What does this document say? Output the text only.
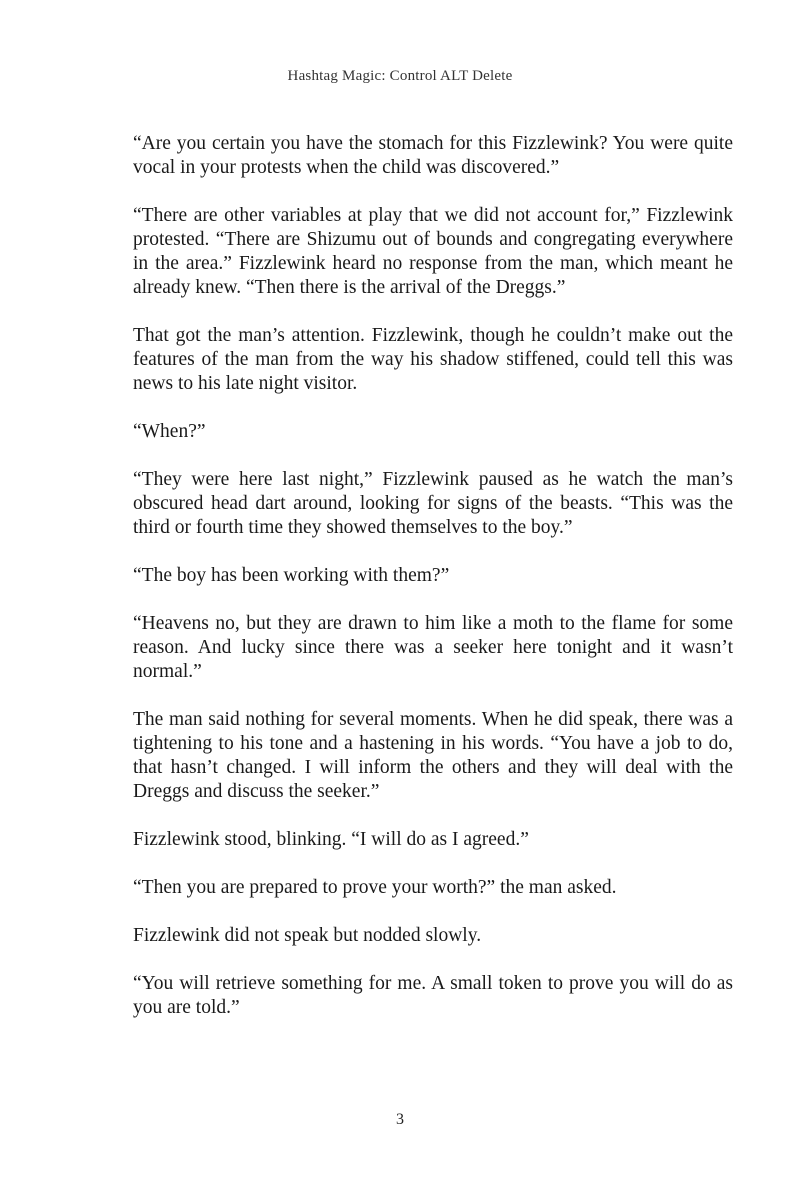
Hashtag Magic: Control ALT Delete

“Are you certain you have the stomach for this Fizzlewink? You were quite vocal in your protests when the child was discovered.”

“There are other variables at play that we did not account for,” Fizzlewink protested. “There are Shizumu out of bounds and congregating everywhere in the area.” Fizzlewink heard no response from the man, which meant he already knew. “Then there is the arrival of the Dreggs.”

That got the man’s attention. Fizzlewink, though he couldn’t make out the features of the man from the way his shadow stiffened, could tell this was news to his late night visitor.

“When?”

“They were here last night,” Fizzlewink paused as he watch the man’s obscured head dart around, looking for signs of the beasts. “This was the third or fourth time they showed themselves to the boy.”

“The boy has been working with them?”

“Heavens no, but they are drawn to him like a moth to the flame for some reason. And lucky since there was a seeker here tonight and it wasn’t normal.”

The man said nothing for several moments. When he did speak, there was a tightening to his tone and a hastening in his words. “You have a job to do, that hasn’t changed. I will inform the others and they will deal with the Dreggs and discuss the seeker.”

Fizzlewink stood, blinking. “I will do as I agreed.”

“Then you are prepared to prove your worth?” the man asked.

Fizzlewink did not speak but nodded slowly.

“You will retrieve something for me. A small token to prove you will do as you are told.”

3
